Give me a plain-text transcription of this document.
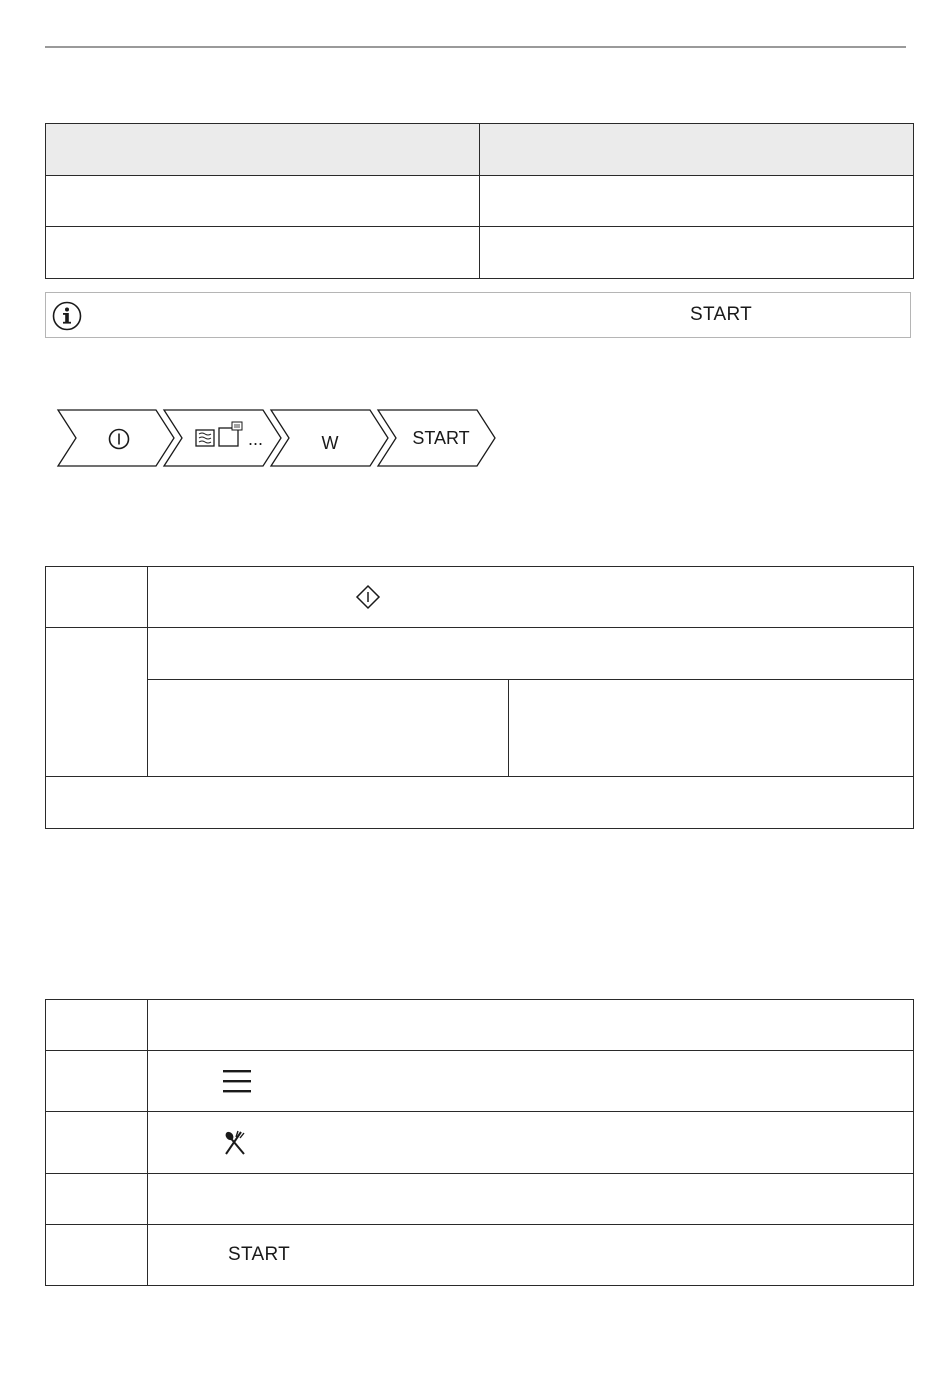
START
...	W	START

	START
